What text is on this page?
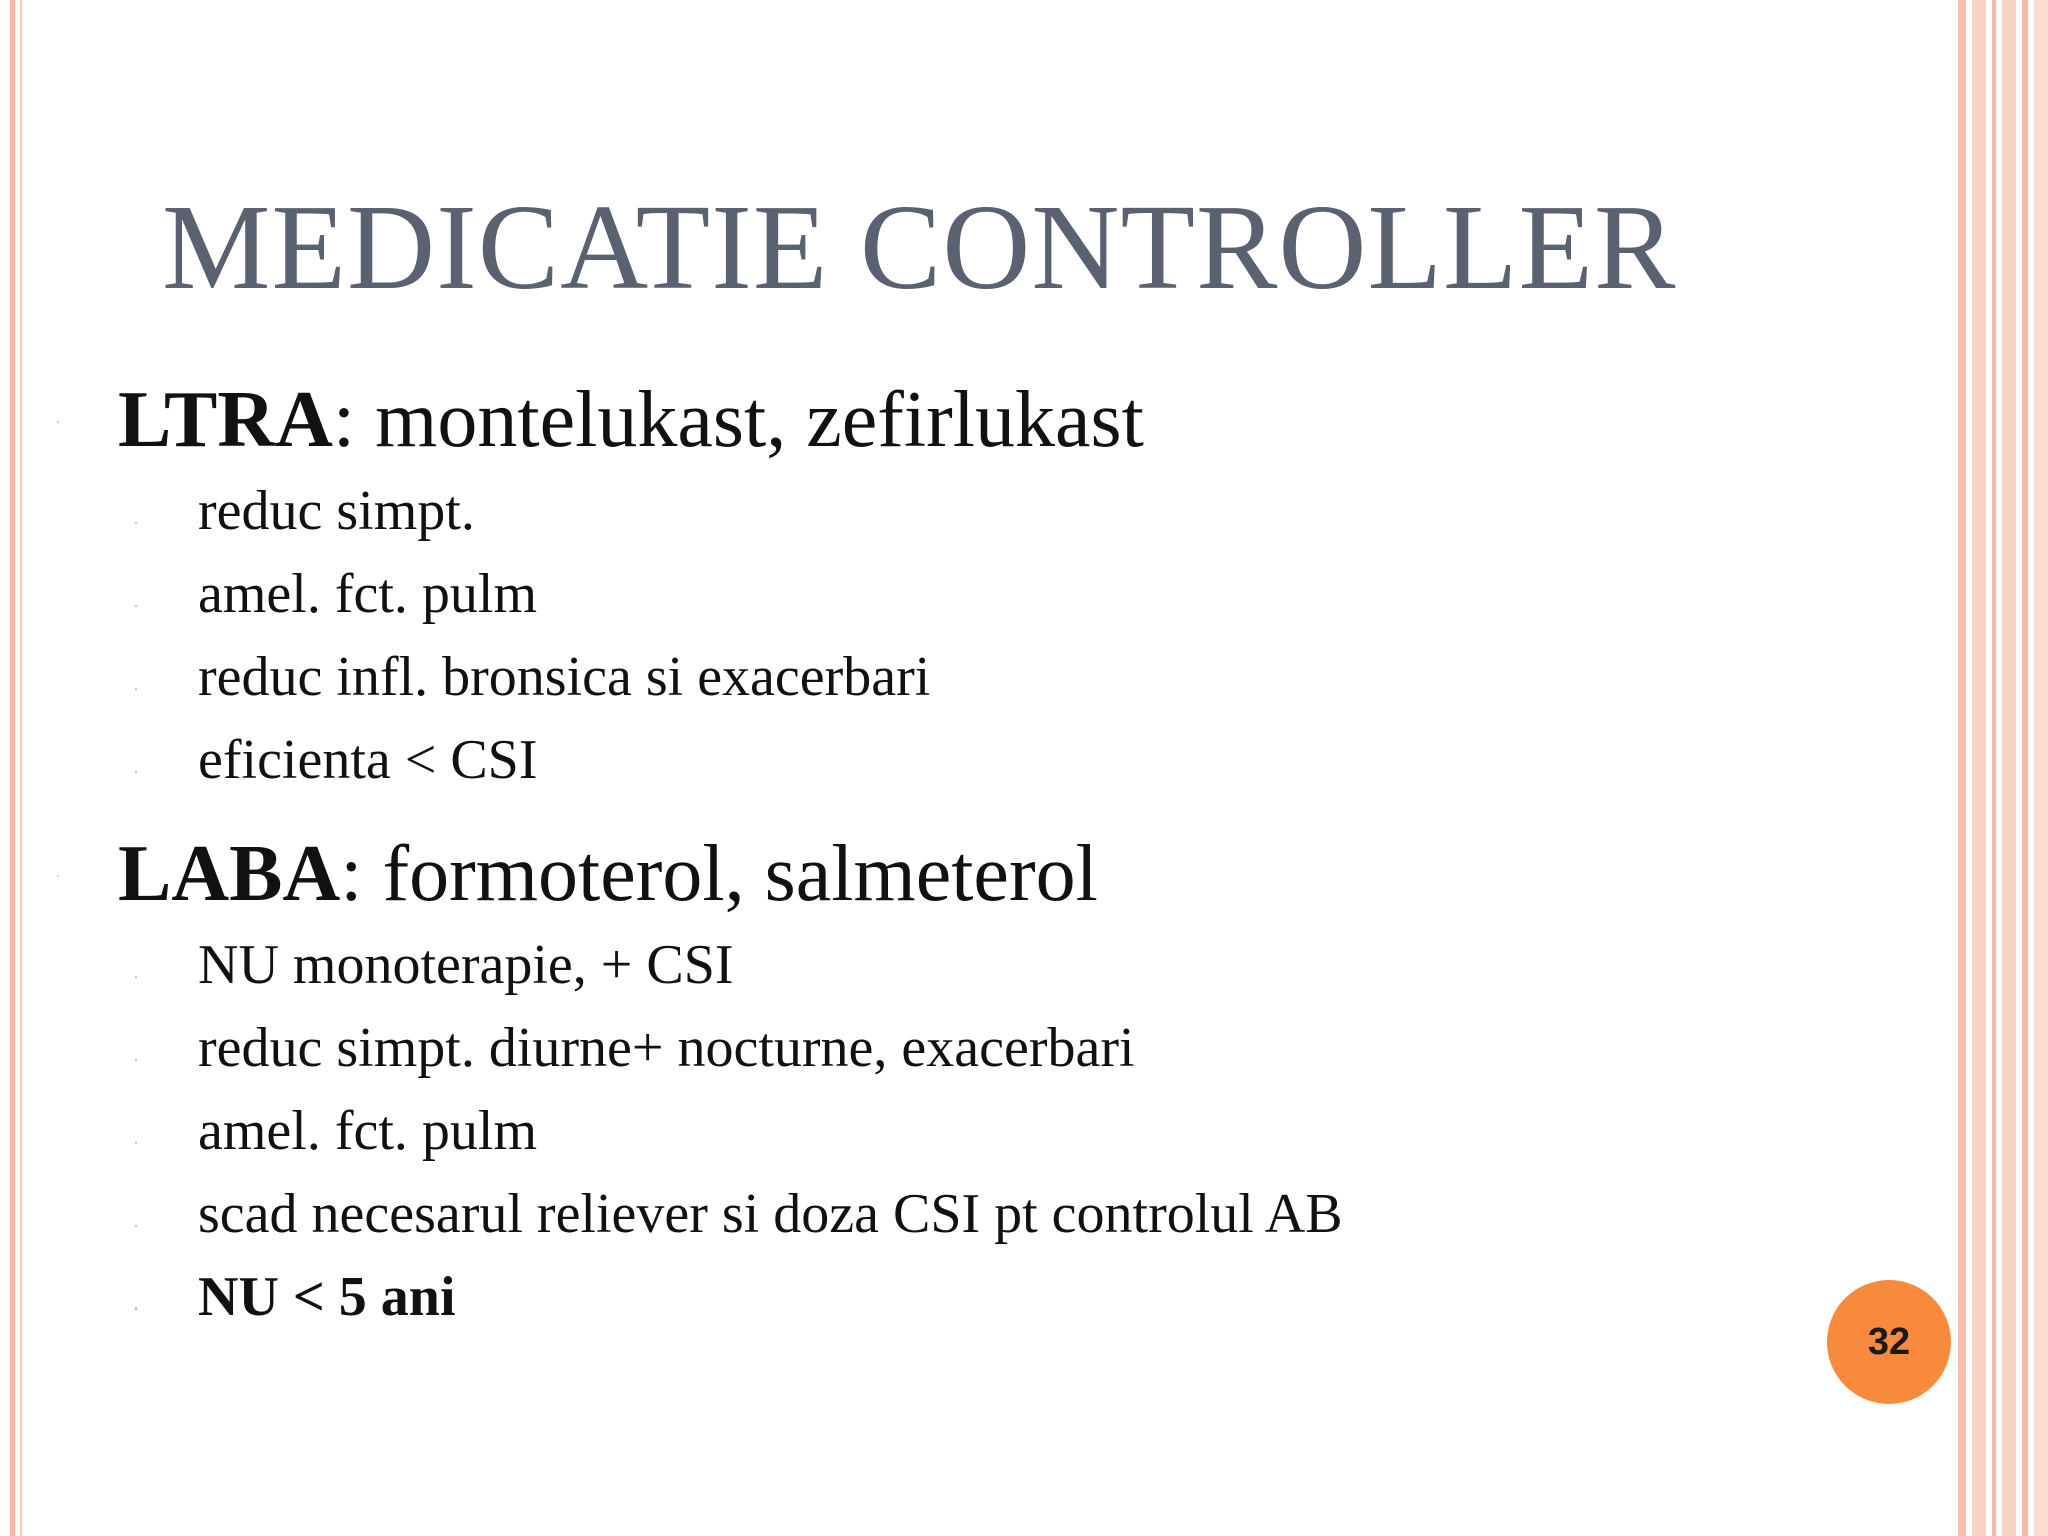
MEDICATIE CONTROLLER
. LTRA: montelukast, zefirlukast
. reduc simpt.
. amel. fct. pulm
. reduc infl. bronsica si exacerbari
. eficienta < CSI
. LABA: formoterol, salmeterol
. NU monoterapie, + CSI
. reduc simpt. diurne+ nocturne, exacerbari
. amel. fct. pulm
. scad necesarul reliever si doza CSI pt controlul AB
. NU < 5 ani
32
